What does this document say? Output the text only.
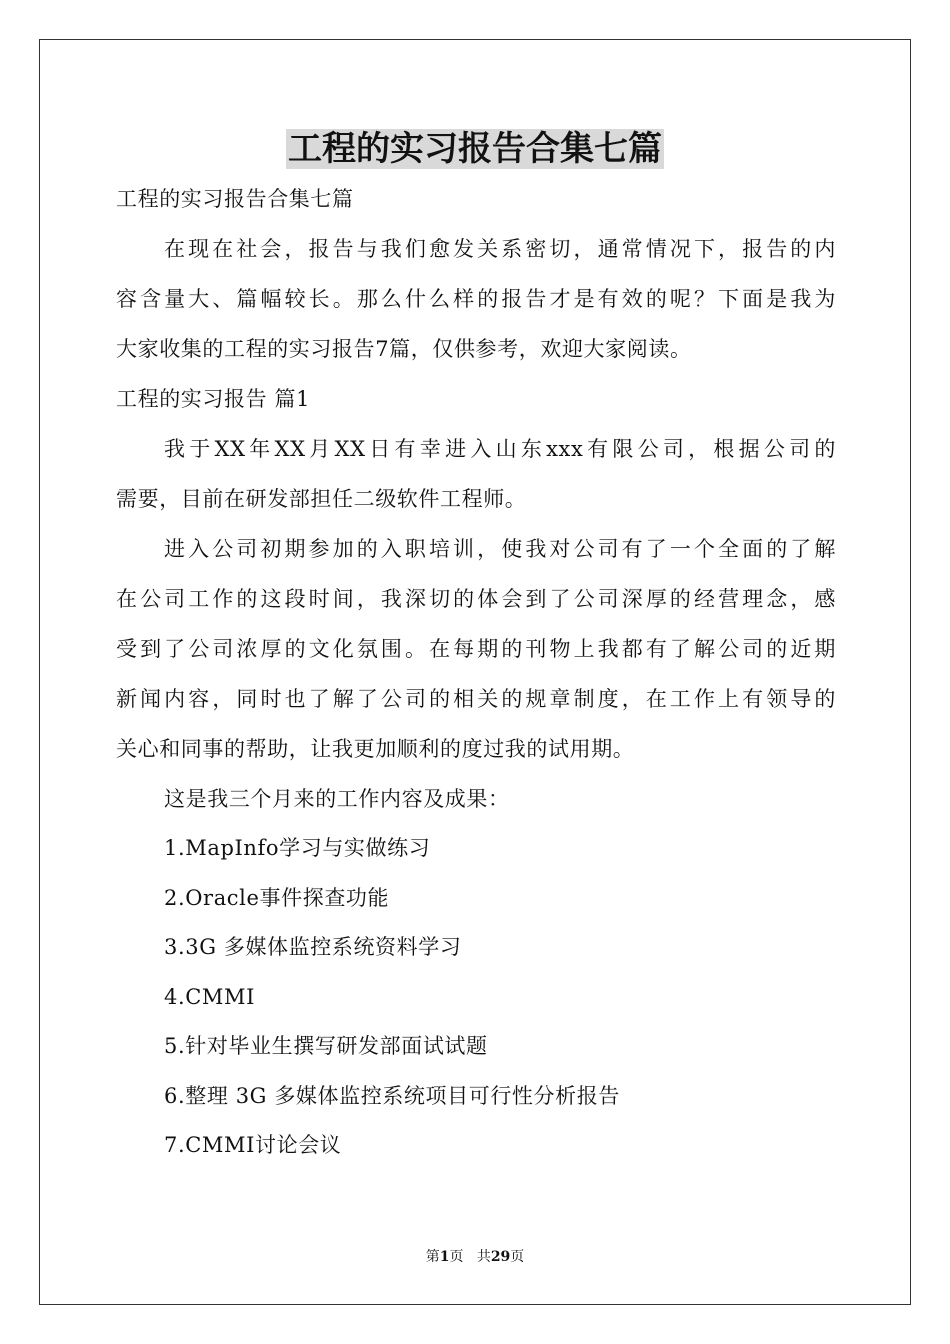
工程的实习报告合集七篇
工程的实习报告合集七篇
在现在社会，报告与我们愈发关系密切，通常情况下，报告的内
容含量大、篇幅较长。那么什么样的报告才是有效的呢？下面是我为
大家收集的工程的实习报告7篇，仅供参考，欢迎大家阅读。
工程的实习报告 篇1
我于XX年XX月XX日有幸进入山东xxx有限公司，根据公司的
需要，目前在研发部担任二级软件工程师。
进入公司初期参加的入职培训，使我对公司有了一个全面的了解
在公司工作的这段时间，我深切的体会到了公司深厚的经营理念，感
受到了公司浓厚的文化氛围。在每期的刊物上我都有了解公司的近期
新闻内容，同时也了解了公司的相关的规章制度，在工作上有领导的
关心和同事的帮助，让我更加顺利的度过我的试用期。
这是我三个月来的工作内容及成果：
1.MapInfo学习与实做练习
2.Oracle事件探查功能
3.3G 多媒体监控系统资料学习
4.CMMI
5.针对毕业生撰写研发部面试试题
6.整理 3G 多媒体监控系统项目可行性分析报告
7.CMMI讨论会议
第1页 共29页
